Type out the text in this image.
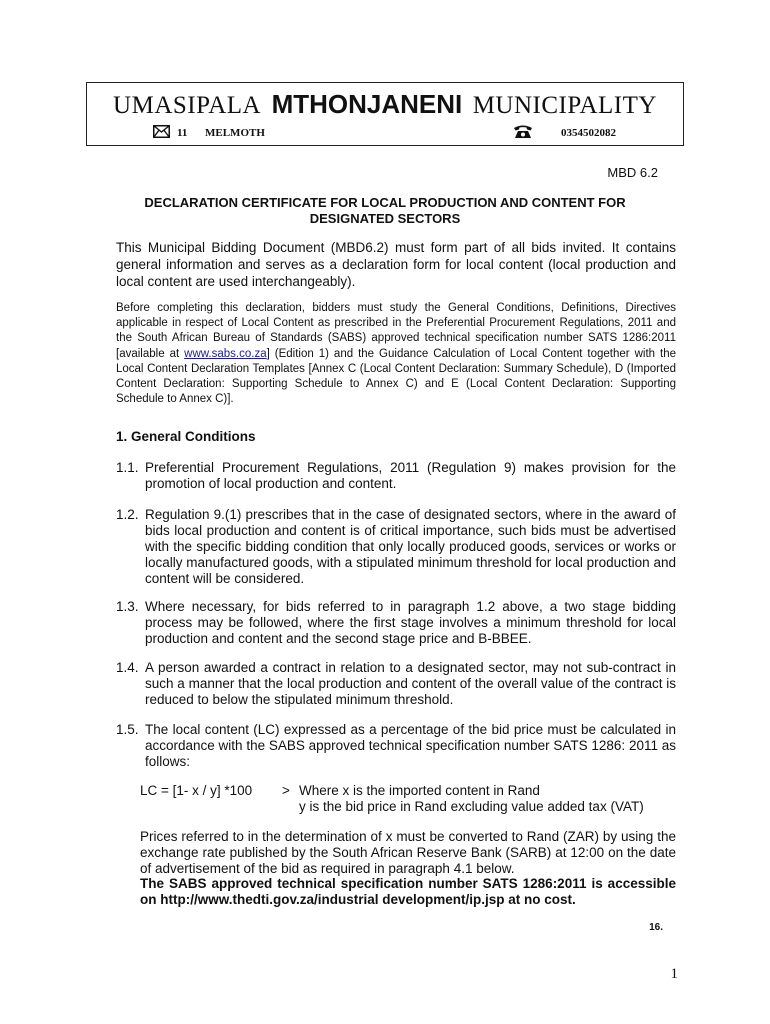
UMASIPALA MTHONJANENI MUNICIPALITY
11 MELMOTH	0354502082
MBD 6.2
DECLARATION CERTIFICATE FOR LOCAL PRODUCTION AND CONTENT FOR
DESIGNATED SECTORS
This Municipal Bidding Document (MBD6.2) must form part of all bids invited. It contains general information and serves as a declaration form for local content (local production and local content are used interchangeably).
Before completing this declaration, bidders must study the General Conditions, Definitions, Directives applicable in respect of Local Content as prescribed in the Preferential Procurement Regulations, 2011 and the South African Bureau of Standards (SABS) approved technical specification number SATS 1286:2011 [available at www.sabs.co.za] (Edition 1) and the Guidance Calculation of Local Content together with the Local Content Declaration Templates [Annex C (Local Content Declaration: Summary Schedule), D (Imported Content Declaration: Supporting Schedule to Annex C) and E (Local Content Declaration: Supporting Schedule to Annex C)].
1. General Conditions
1.1. Preferential Procurement Regulations, 2011 (Regulation 9) makes provision for the promotion of local production and content.
1.2. Regulation 9.(1) prescribes that in the case of designated sectors, where in the award of bids local production and content is of critical importance, such bids must be advertised with the specific bidding condition that only locally produced goods, services or works or locally manufactured goods, with a stipulated minimum threshold for local production and content will be considered.
1.3. Where necessary, for bids referred to in paragraph 1.2 above, a two stage bidding process may be followed, where the first stage involves a minimum threshold for local production and content and the second stage price and B-BBEE.
1.4. A person awarded a contract in relation to a designated sector, may not sub-contract in such a manner that the local production and content of the overall value of the contract is reduced to below the stipulated minimum threshold.
1.5. The local content (LC) expressed as a percentage of the bid price must be calculated in accordance with the SABS approved technical specification number SATS 1286: 2011 as follows:
LC = [1- x / y] *100 > Where x is the imported content in Rand
y is the bid price in Rand excluding value added tax (VAT)
Prices referred to in the determination of x must be converted to Rand (ZAR) by using the exchange rate published by the South African Reserve Bank (SARB) at 12:00 on the date of advertisement of the bid as required in paragraph 4.1 below.
The SABS approved technical specification number SATS 1286:2011 is accessible on http://www.thedti.gov.za/industrial development/ip.jsp at no cost.
16.
1
